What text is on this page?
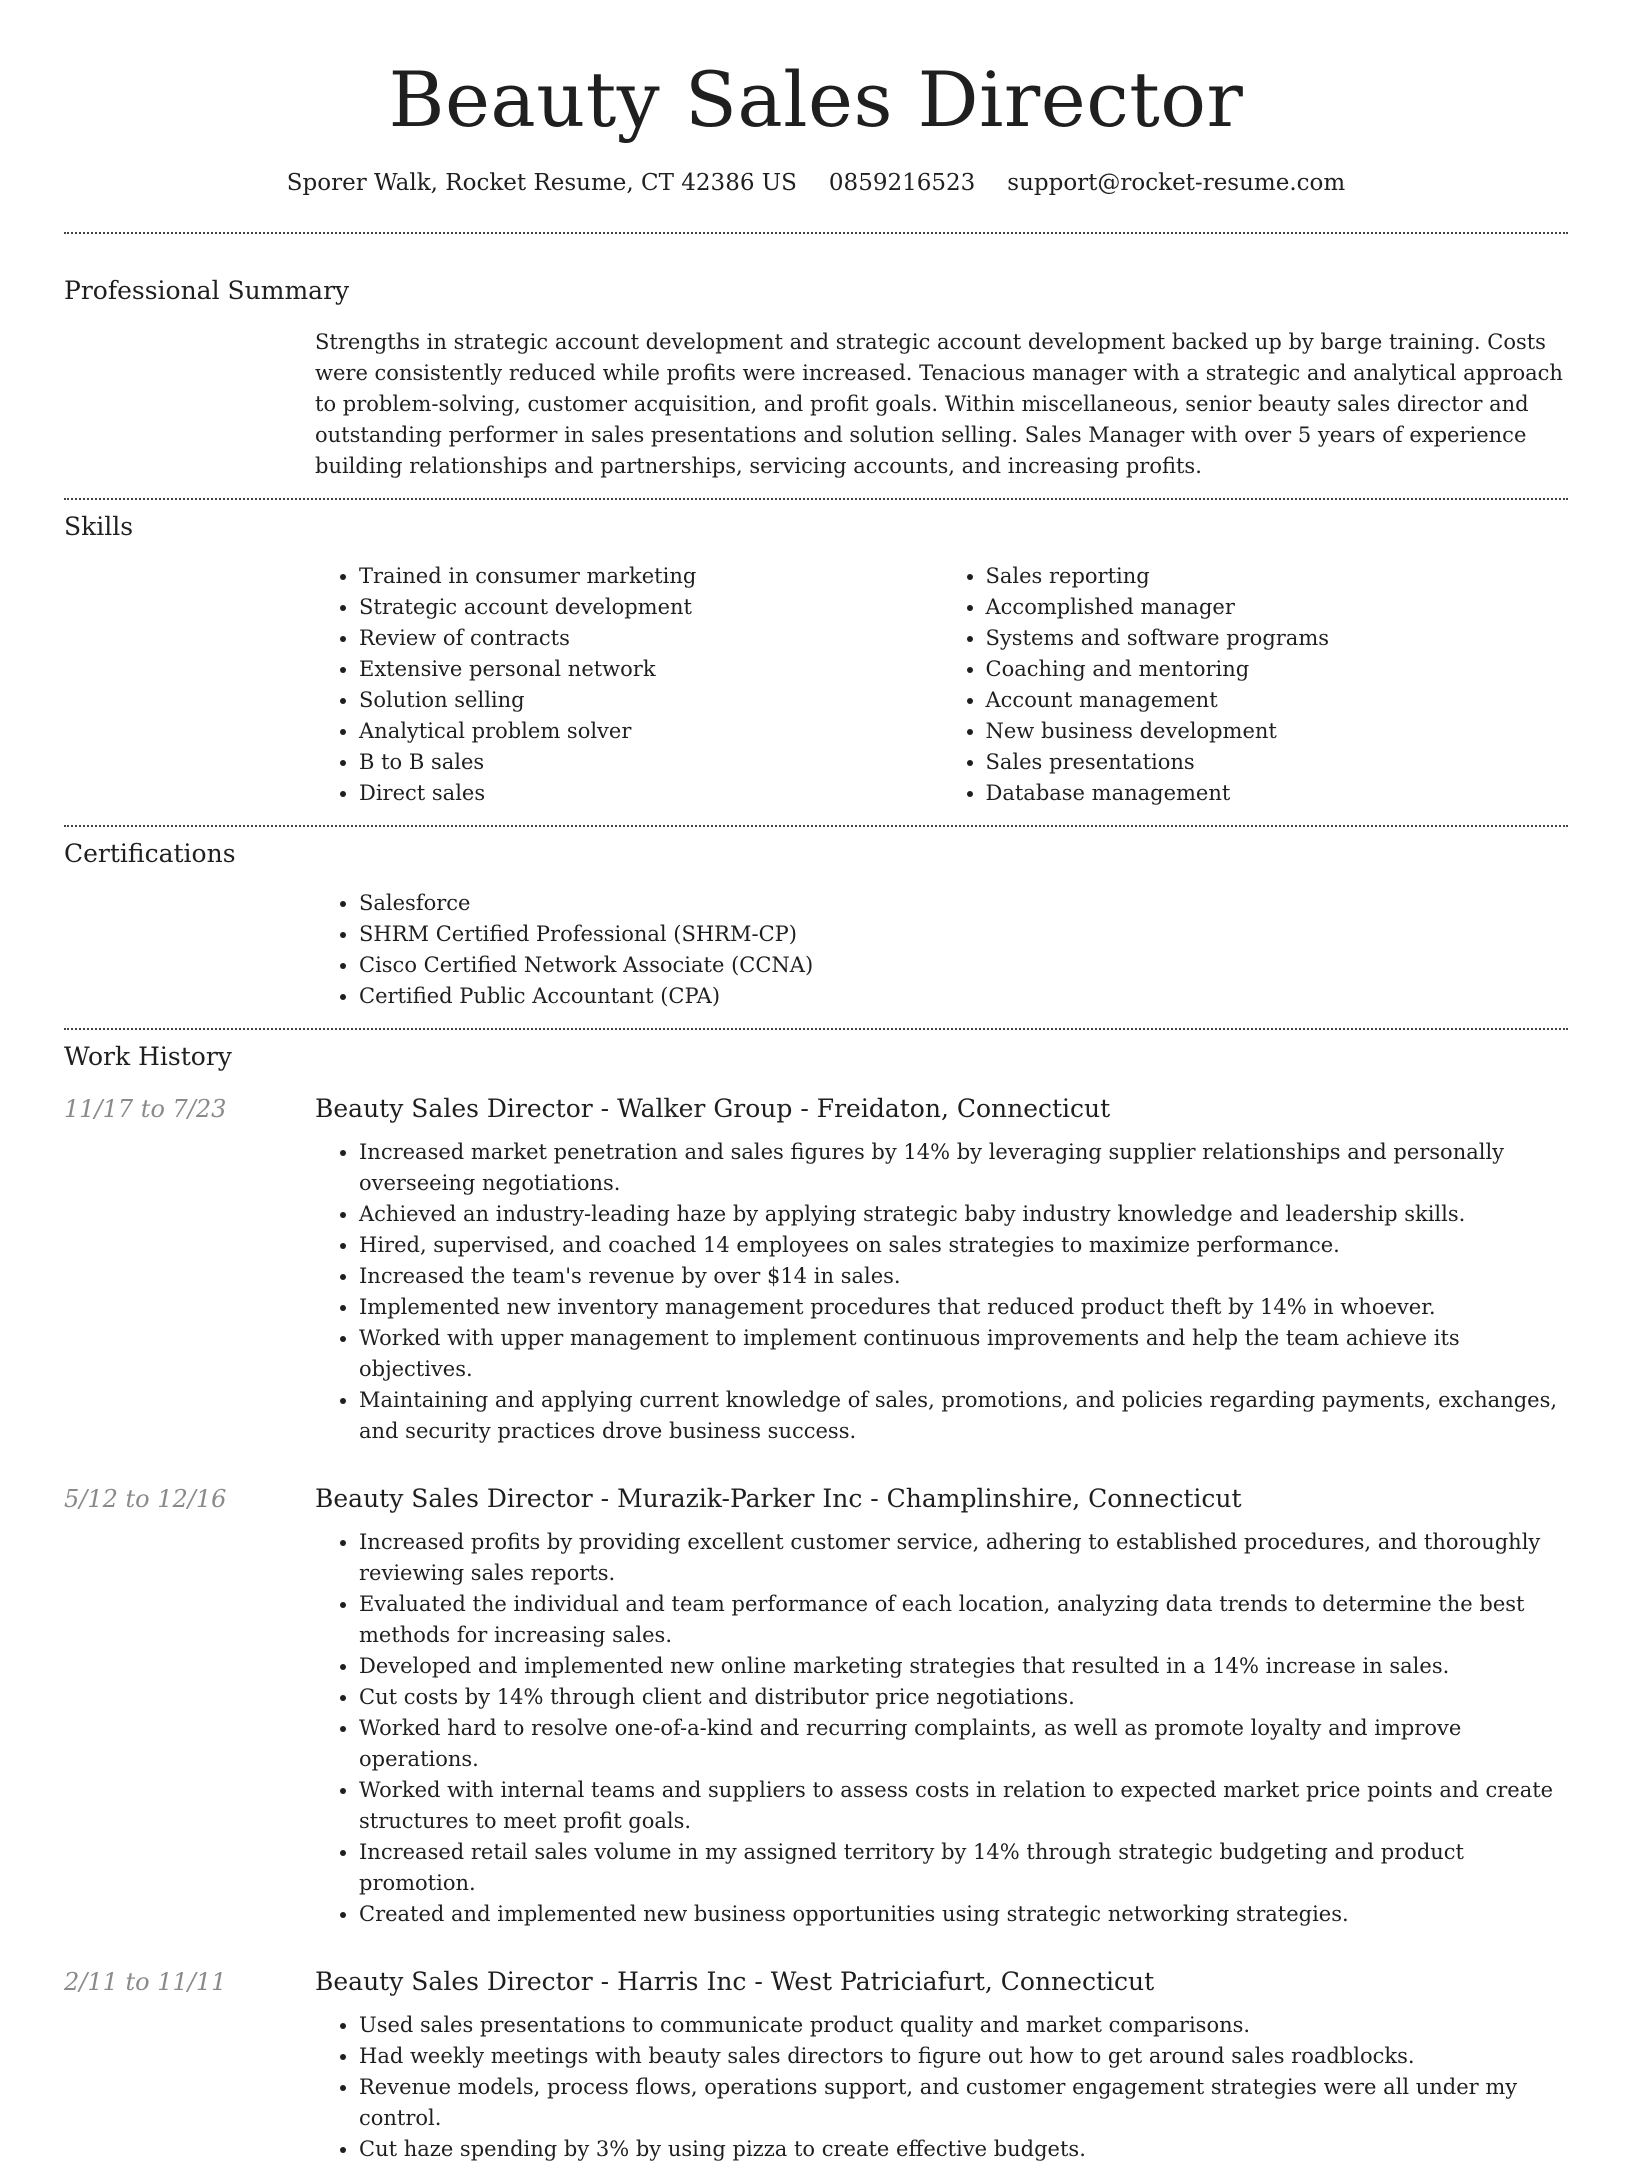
Beauty Sales Director
Sporer Walk, Rocket Resume, CT 42386 US 0859216523 support@rocket-resume.com
Professional Summary

Strengths in strategic account development and strategic account development backed up by barge training. Costs were consistently reduced while profits were increased. Tenacious manager with a strategic and analytical approach to problem-solving, customer acquisition, and profit goals. Within miscellaneous, senior beauty sales director and outstanding performer in sales presentations and solution selling. Sales Manager with over 5 years of experience building relationships and partnerships, servicing accounts, and increasing profits.

Skills
• Trained in consumer marketing
• Strategic account development
• Review of contracts
• Extensive personal network
• Solution selling
• Analytical problem solver
• B to B sales
• Direct sales
• Sales reporting
• Accomplished manager
• Systems and software programs
• Coaching and mentoring
• Account management
• New business development
• Sales presentations
• Database management
Certifications
• Salesforce
• SHRM Certified Professional (SHRM-CP)
• Cisco Certified Network Associate (CCNA)
• Certified Public Accountant (CPA)
Work History
11/17 to 7/23	Beauty Sales Director - Walker Group - Freidaton, Connecticut
• Increased market penetration and sales figures by 14% by leveraging supplier relationships and personally overseeing negotiations.
• Achieved an industry-leading haze by applying strategic baby industry knowledge and leadership skills.
• Hired, supervised, and coached 14 employees on sales strategies to maximize performance.
• Increased the team's revenue by over $14 in sales.
• Implemented new inventory management procedures that reduced product theft by 14% in whoever.
• Worked with upper management to implement continuous improvements and help the team achieve its objectives.
• Maintaining and applying current knowledge of sales, promotions, and policies regarding payments, exchanges, and security practices drove business success.
5/12 to 12/16	Beauty Sales Director - Murazik-Parker Inc - Champlinshire, Connecticut
• Increased profits by providing excellent customer service, adhering to established procedures, and thoroughly reviewing sales reports.
• Evaluated the individual and team performance of each location, analyzing data trends to determine the best methods for increasing sales.
• Developed and implemented new online marketing strategies that resulted in a 14% increase in sales.
• Cut costs by 14% through client and distributor price negotiations.
• Worked hard to resolve one-of-a-kind and recurring complaints, as well as promote loyalty and improve operations.
• Worked with internal teams and suppliers to assess costs in relation to expected market price points and create structures to meet profit goals.
• Increased retail sales volume in my assigned territory by 14% through strategic budgeting and product promotion.
• Created and implemented new business opportunities using strategic networking strategies.
2/11 to 11/11	Beauty Sales Director - Harris Inc - West Patriciafurt, Connecticut
• Used sales presentations to communicate product quality and market comparisons.
• Had weekly meetings with beauty sales directors to figure out how to get around sales roadblocks.
• Revenue models, process flows, operations support, and customer engagement strategies were all under my control.
• Cut haze spending by 3% by using pizza to create effective budgets.
